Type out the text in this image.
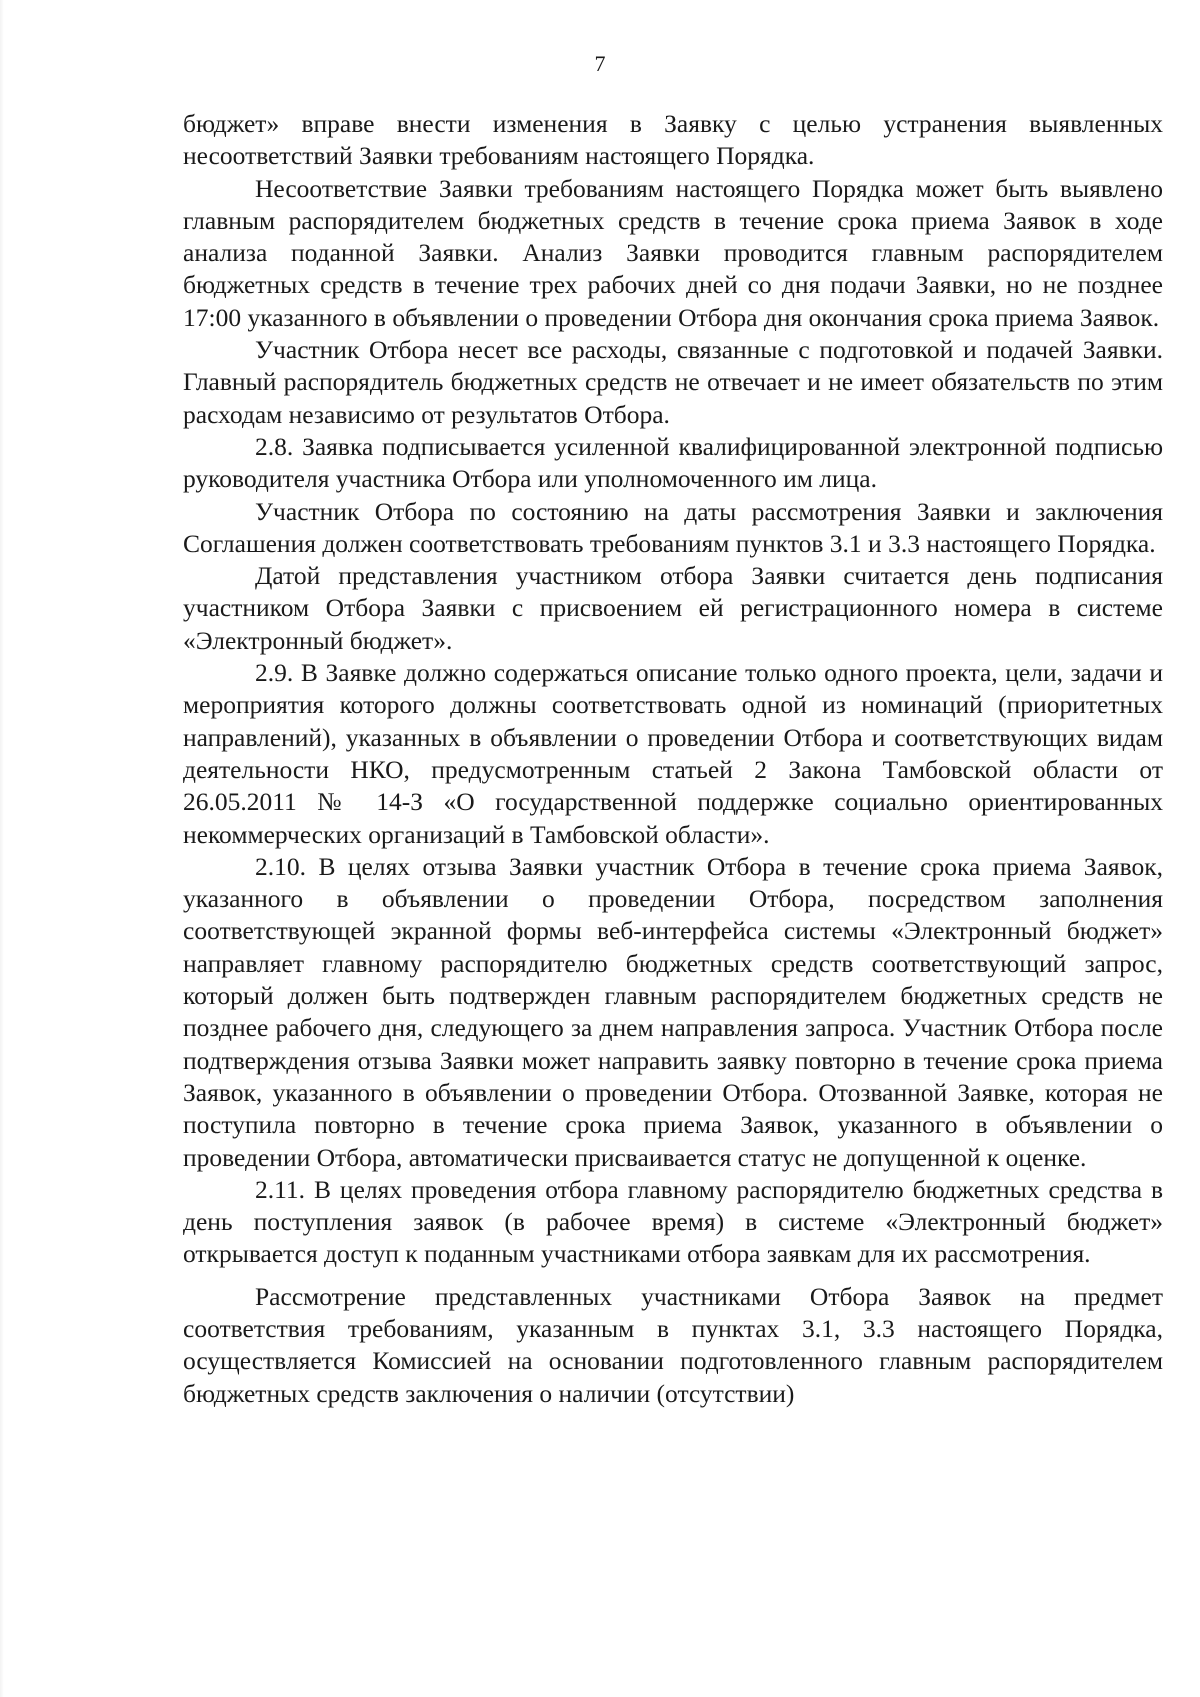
7

бюджет» вправе внести изменения в Заявку с целью устранения выявленных несоответствий Заявки требованиям настоящего Порядка.

Несоответствие Заявки требованиям настоящего Порядка может быть выявлено главным распорядителем бюджетных средств в течение срока приема Заявок в ходе анализа поданной Заявки. Анализ Заявки проводится главным распорядителем бюджетных средств в течение трех рабочих дней со дня подачи Заявки, но не позднее 17:00 указанного в объявлении о проведении Отбора дня окончания срока приема Заявок.

Участник Отбора несет все расходы, связанные с подготовкой и подачей Заявки. Главный распорядитель бюджетных средств не отвечает и не имеет обязательств по этим расходам независимо от результатов Отбора.

2.8. Заявка подписывается усиленной квалифицированной электронной подписью руководителя участника Отбора или уполномоченного им лица.

Участник Отбора по состоянию на даты рассмотрения Заявки и заключения Соглашения должен соответствовать требованиям пунктов 3.1 и 3.3 настоящего Порядка.

Датой представления участником отбора Заявки считается день подписания участником Отбора Заявки с присвоением ей регистрационного номера в системе «Электронный бюджет».

2.9. В Заявке должно содержаться описание только одного проекта, цели, задачи и мероприятия которого должны соответствовать одной из номинаций (приоритетных направлений), указанных в объявлении о проведении Отбора и соответствующих видам деятельности НКО, предусмотренным статьей 2 Закона Тамбовской области от 26.05.2011 № 14-З «О государственной поддержке социально ориентированных некоммерческих организаций в Тамбовской области».

2.10. В целях отзыва Заявки участник Отбора в течение срока приема Заявок, указанного в объявлении о проведении Отбора, посредством заполнения соответствующей экранной формы веб-интерфейса системы «Электронный бюджет» направляет главному распорядителю бюджетных средств соответствующий запрос, который должен быть подтвержден главным распорядителем бюджетных средств не позднее рабочего дня, следующего за днем направления запроса. Участник Отбора после подтверждения отзыва Заявки может направить заявку повторно в течение срока приема Заявок, указанного в объявлении о проведении Отбора. Отозванной Заявке, которая не поступила повторно в течение срока приема Заявок, указанного в объявлении о проведении Отбора, автоматически присваивается статус не допущенной к оценке.

2.11. В целях проведения отбора главному распорядителю бюджетных средства в день поступления заявок (в рабочее время) в системе «Электронный бюджет» открывается доступ к поданным участниками отбора заявкам для их рассмотрения.

Рассмотрение представленных участниками Отбора Заявок на предмет соответствия требованиям, указанным в пунктах 3.1, 3.3 настоящего Порядка, осуществляется Комиссией на основании подготовленного главным распорядителем бюджетных средств заключения о наличии (отсутствии)
